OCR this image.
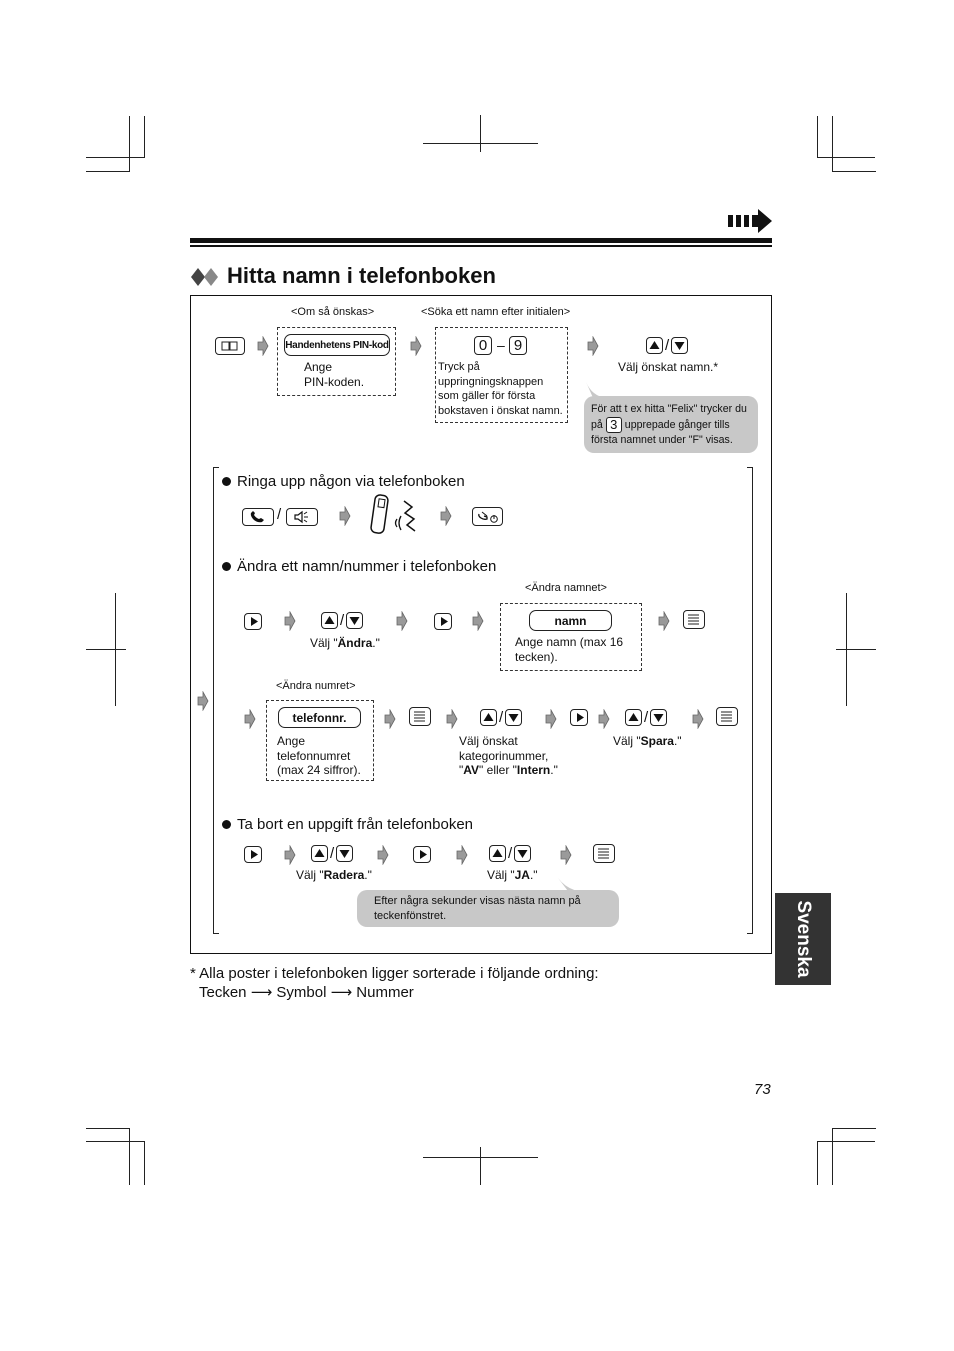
Hitta namn i telefonboken
<Om så önskas>	<Söka ett namn efter initialen>
Handenhetens PIN-kod
Ange
PIN-koden.
0 – 9
Tryck på
uppringningsknappen
som gäller för första
bokstaven i önskat namn.
/
Välj önskat namn.*
För att t ex hitta "Felix" trycker du
på 3 upprepade gånger tills
första namnet under "F" visas.
Ringa upp någon via telefonboken
/
Ändra ett namn/nummer i telefonboken
<Ändra namnet>
/
Välj "Ändra."
namn
Ange namn (max 16
tecken).
<Ändra numret>
telefonnr.
Ange
telefonnumret
(max 24 siffror).
/
Välj önskat
kategorinummer,
"AV" eller "Intern."
/
Välj "Spara."
Ta bort en uppgift från telefonboken
/
Välj "Radera."
/
Välj "JA."
Efter några sekunder visas nästa namn på
teckenfönstret.
* Alla poster i telefonboken ligger sorterade i följande ordning:
Tecken ⟶ Symbol ⟶ Nummer
Svenska
73
